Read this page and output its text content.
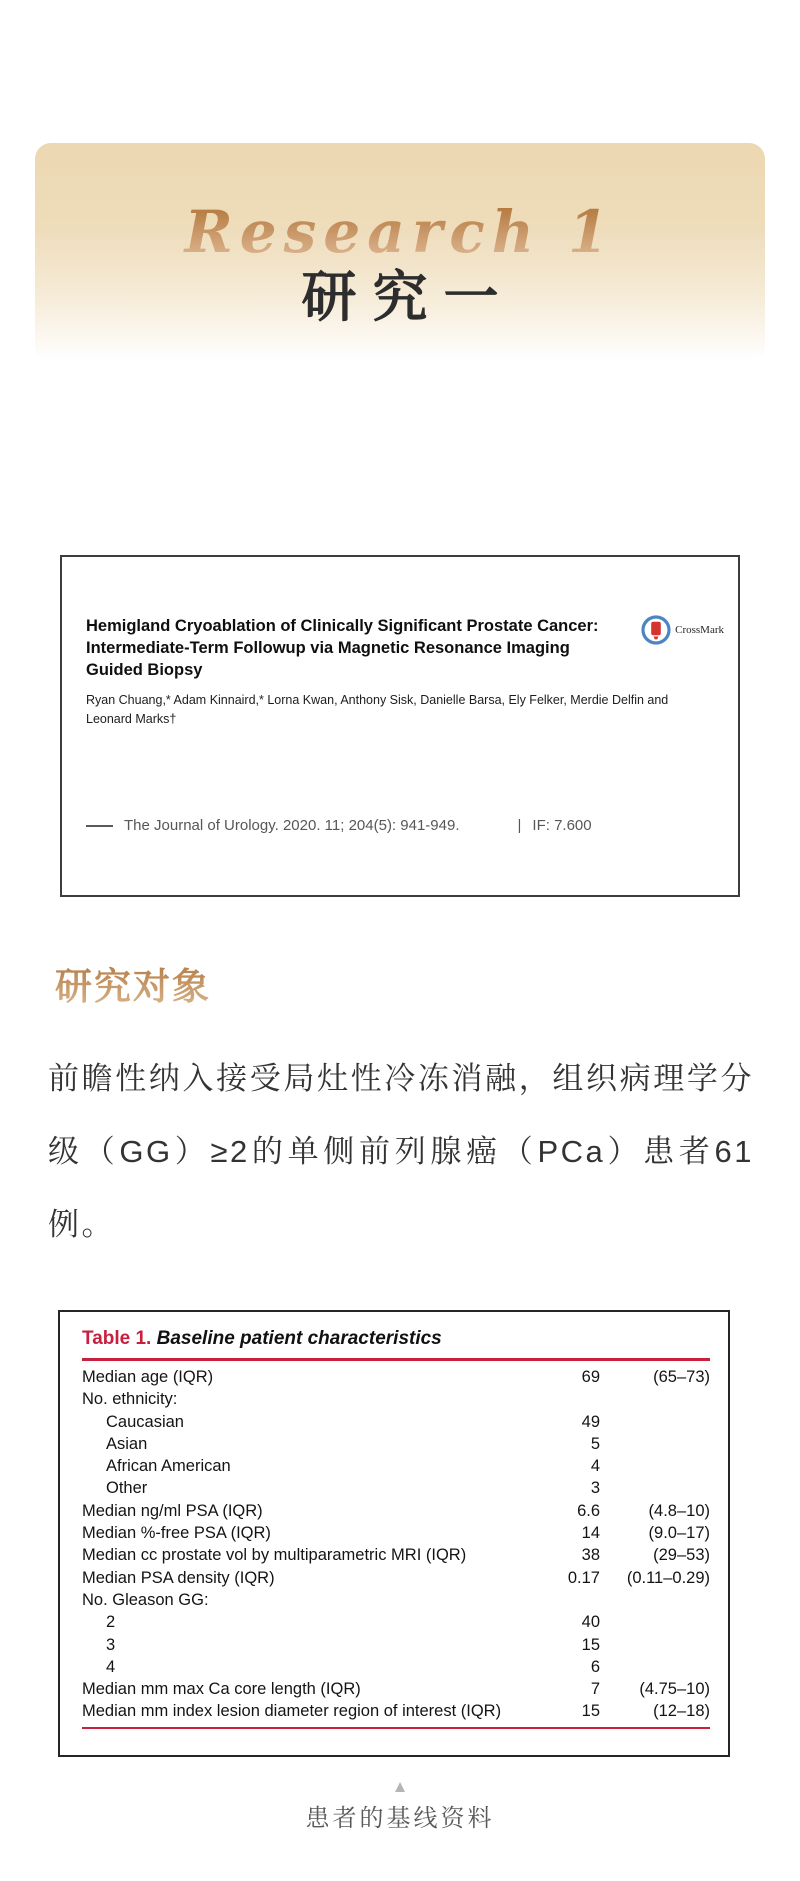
Research 1
研究一
Hemigland Cryoablation of Clinically Significant Prostate Cancer: Intermediate-Term Followup via Magnetic Resonance Imaging Guided Biopsy
CrossMark
Ryan Chuang,* Adam Kinnaird,* Lorna Kwan, Anthony Sisk, Danielle Barsa, Ely Felker, Merdie Delfin and Leonard Marks†
The Journal of Urology. 2020. 11; 204(5): 941-949.	| IF: 7.600
研究对象
前瞻性纳入接受局灶性冷冻消融，组织病理学分级（GG）≥2的单侧前列腺癌（PCa）患者61例。
Table 1. Baseline patient characteristics
Median age (IQR)	69	(65–73)
No. ethnicity:
Caucasian	49
Asian	5
African American	4
Other	3
Median ng/ml PSA (IQR)	6.6	(4.8–10)
Median %-free PSA (IQR)	14	(9.0–17)
Median cc prostate vol by multiparametric MRI (IQR)	38	(29–53)
Median PSA density (IQR)	0.17	(0.11–0.29)
No. Gleason GG:
2	40
3	15
4	6
Median mm max Ca core length (IQR)	7	(4.75–10)
Median mm index lesion diameter region of interest (IQR)	15	(12–18)
▲
患者的基线资料
